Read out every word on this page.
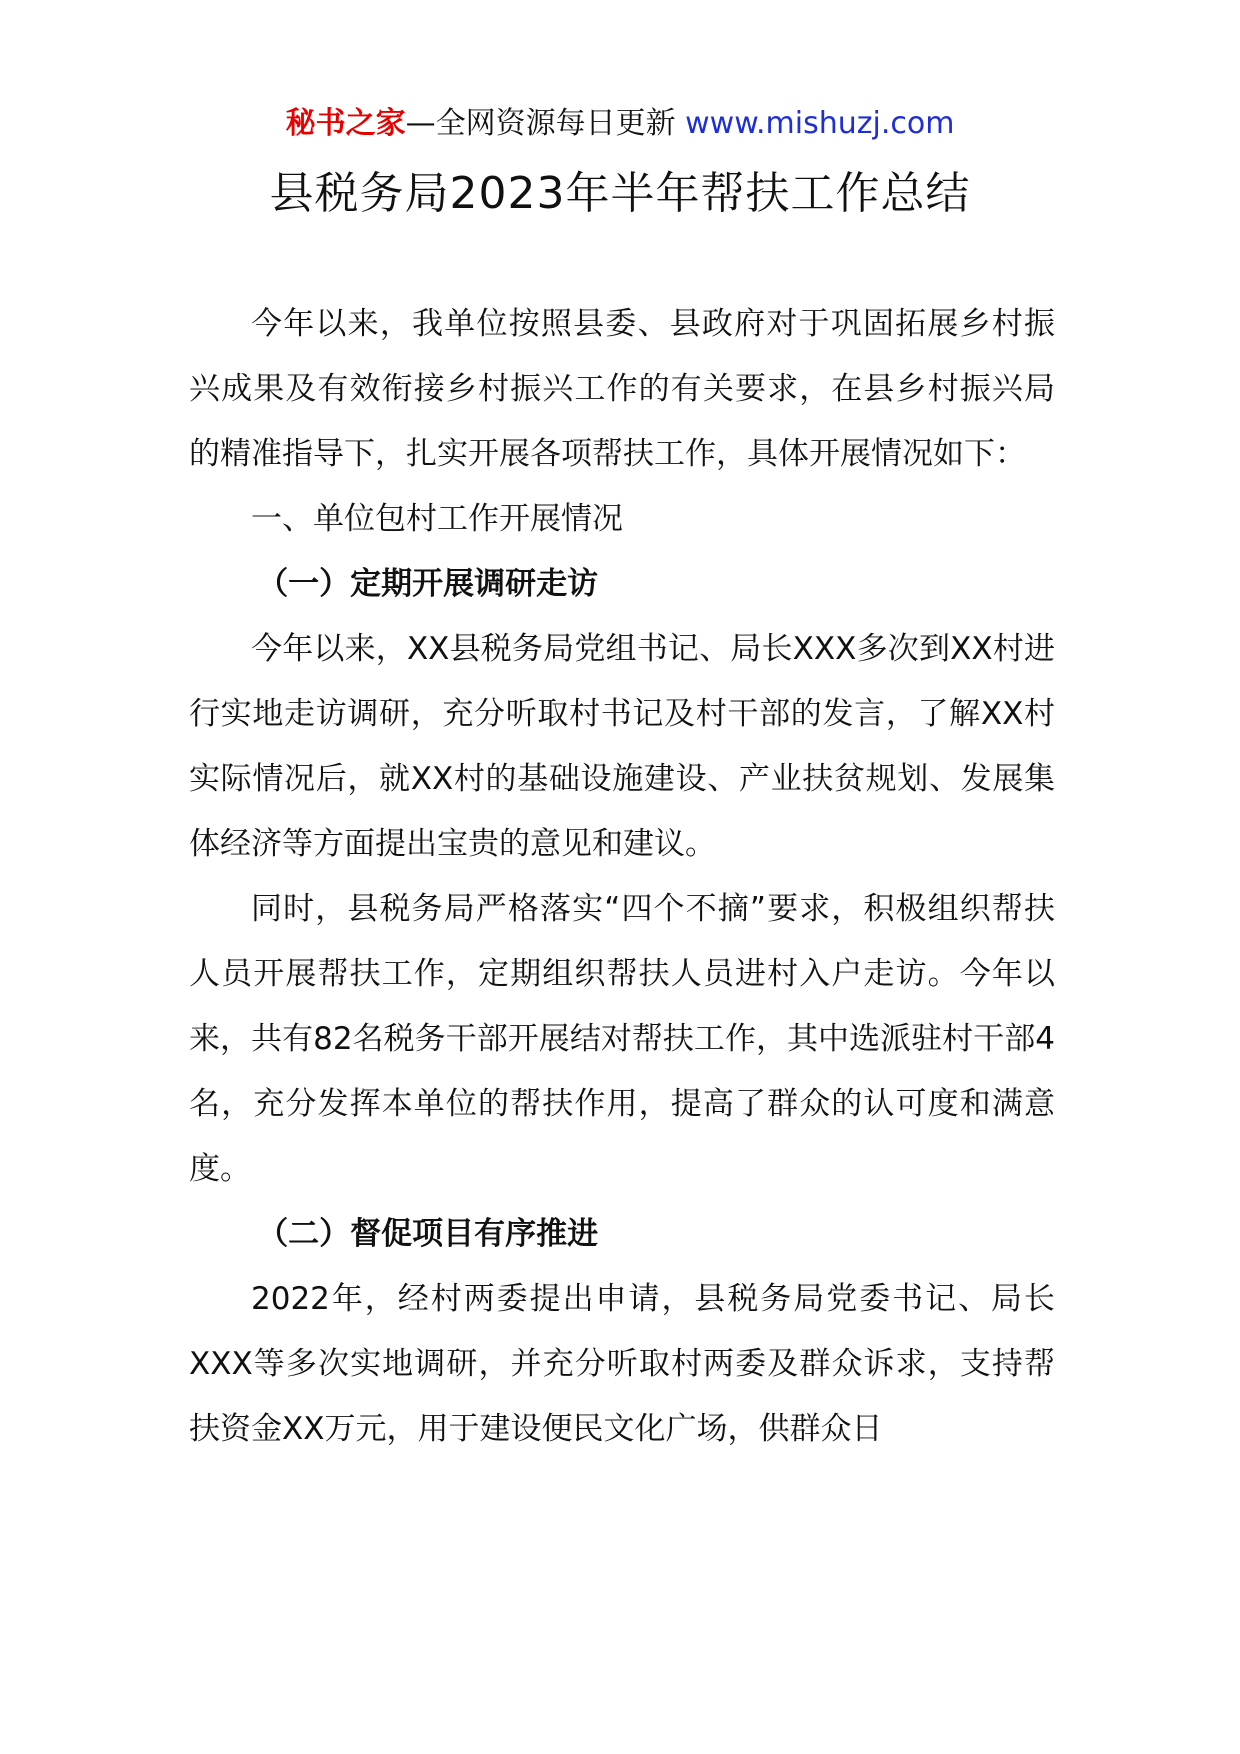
秘书之家—全网资源每日更新 www.mishuzj.com
县税务局2023年半年帮扶工作总结

今年以来，我单位按照县委、县政府对于巩固拓展乡村振兴成果及有效衔接乡村振兴工作的有关要求，在县乡村振兴局的精准指导下，扎实开展各项帮扶工作，具体开展情况如下：

一、单位包村工作开展情况

（一）定期开展调研走访

今年以来，XX县税务局党组书记、局长XXX多次到XX村进行实地走访调研，充分听取村书记及村干部的发言，了解XX村实际情况后，就XX村的基础设施建设、产业扶贫规划、发展集体经济等方面提出宝贵的意见和建议。

同时，县税务局严格落实“四个不摘”要求，积极组织帮扶人员开展帮扶工作，定期组织帮扶人员进村入户走访。今年以来，共有82名税务干部开展结对帮扶工作，其中选派驻村干部4名，充分发挥本单位的帮扶作用，提高了群众的认可度和满意度。

（二）督促项目有序推进

2022年，经村两委提出申请，县税务局党委书记、局长XXX等多次实地调研，并充分听取村两委及群众诉求，支持帮扶资金XX万元，用于建设便民文化广场，供群众日
